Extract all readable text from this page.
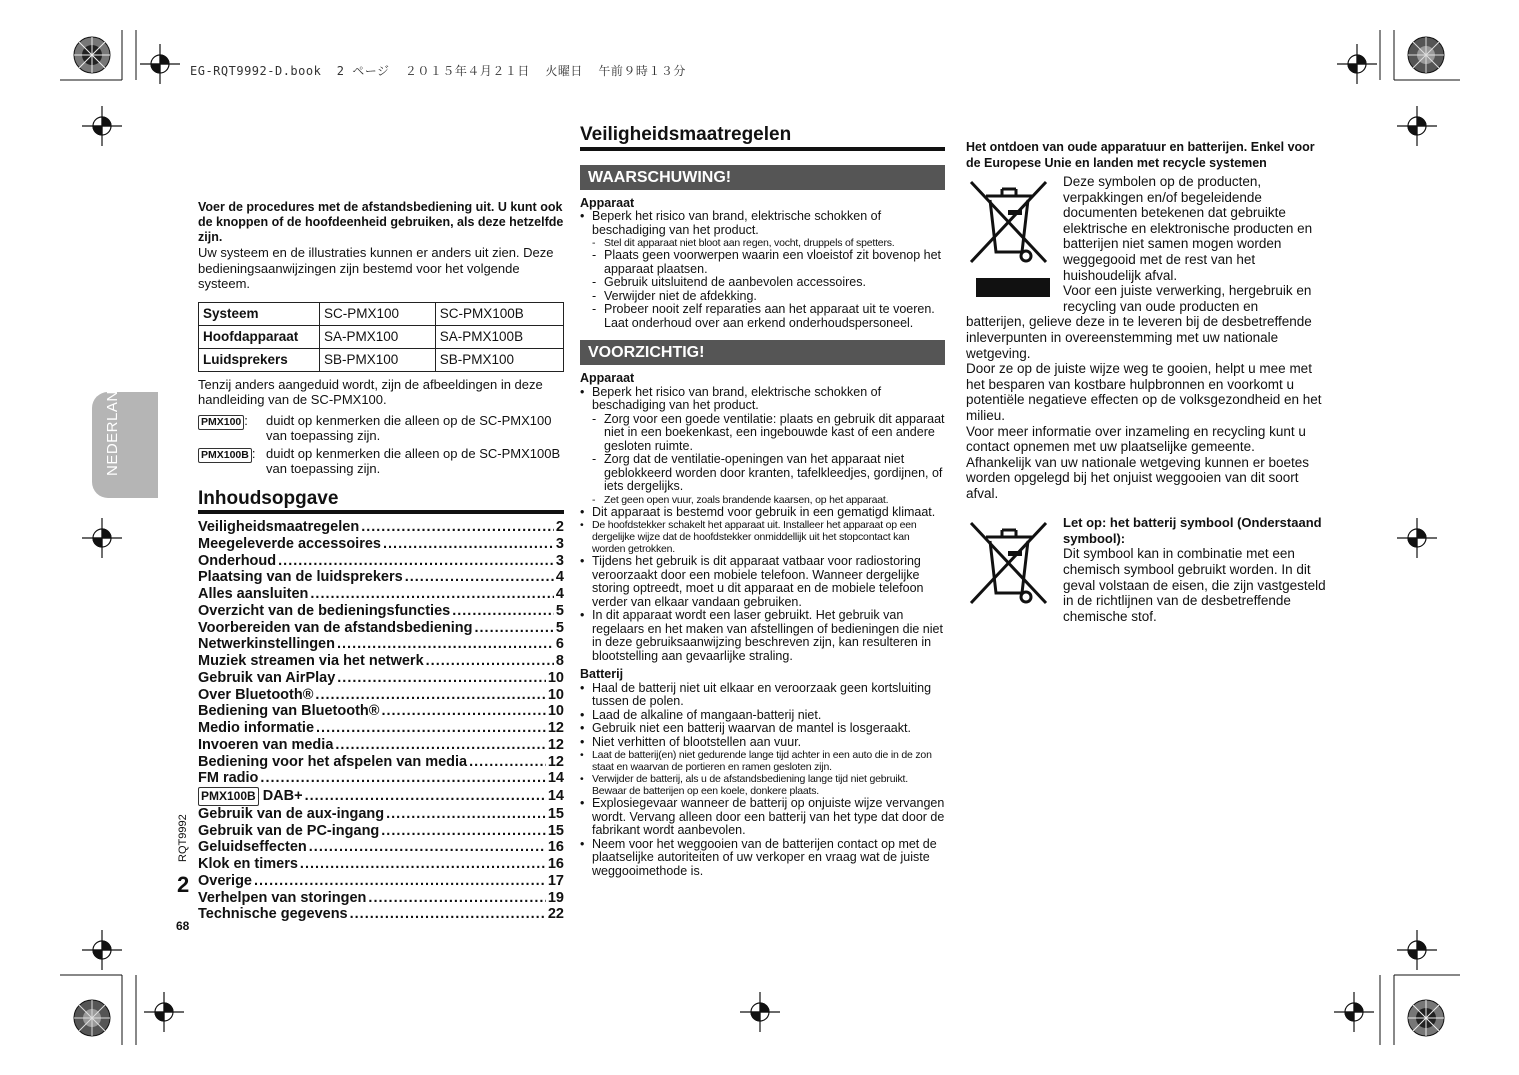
EG-RQT9992-D.book  2 ページ  ２０１５年４月２１日  火曜日  午前９時１３分
NEDERLANDS
RQT9992
2
68
Voer de procedures met de afstandsbediening uit. U kunt ook de knoppen of de hoofdeenheid gebruiken, als deze hetzelfde zijn.
Uw systeem en de illustraties kunnen er anders uit zien. Deze bedieningsaanwijzingen zijn bestemd voor het volgende systeem.
Systeem	SC-PMX100	SC-PMX100B
Hoofdapparaat	SA-PMX100	SA-PMX100B
Luidsprekers	SB-PMX100	SB-PMX100
Tenzij anders aangeduid wordt, zijn de afbeeldingen in deze handleiding van de SC-PMX100.
PMX100 :	duidt op kenmerken die alleen op de SC-PMX100 van toepassing zijn.
PMX100B : duidt op kenmerken die alleen op de SC-PMX100B van toepassing zijn.
Inhoudsopgave
Veiligheidsmaatregelen .....	2
Meegeleverde accessoires .....	3
Onderhoud .....	3
Plaatsing van de luidsprekers .....	4
Alles aansluiten .....	4
Overzicht van de bedieningsfuncties .....	5
Voorbereiden van de afstandsbediening .....	5
Netwerkinstellingen .....	6
Muziek streamen via het netwerk .....	8
Gebruik van AirPlay .....	10
Over Bluetooth® .....	10
Bediening van Bluetooth® .....	10
Medio informatie .....	12
Invoeren van media .....	12
Bediening voor het afspelen van media .....	12
FM radio .....	14
PMX100B DAB+ .....	14
Gebruik van de aux-ingang .....	15
Gebruik van de PC-ingang .....	15
Geluidseffecten .....	16
Klok en timers .....	16
Overige .....	17
Verhelpen van storingen .....	19
Technische gegevens .....	22
Veiligheidsmaatregelen
WAARSCHUWING!
Apparaat
• Beperk het risico van brand, elektrische schokken of beschadiging van het product.
- Stel dit apparaat niet bloot aan regen, vocht, druppels of spetters.
- Plaats geen voorwerpen waarin een vloeistof zit bovenop het apparaat plaatsen.
- Gebruik uitsluitend de aanbevolen accessoires.
- Verwijder niet de afdekking.
- Probeer nooit zelf reparaties aan het apparaat uit te voeren. Laat onderhoud over aan erkend onderhoudspersoneel.
VOORZICHTIG!
Apparaat
• Beperk het risico van brand, elektrische schokken of beschadiging van het product.
- Zorg voor een goede ventilatie: plaats en gebruik dit apparaat niet in een boekenkast, een ingebouwde kast of een andere gesloten ruimte.
- Zorg dat de ventilatie-openingen van het apparaat niet geblokkeerd worden door kranten, tafelkleedjes, gordijnen, of iets dergelijks.
- Zet geen open vuur, zoals brandende kaarsen, op het apparaat.
• Dit apparaat is bestemd voor gebruik in een gematigd klimaat.
• De hoofdstekker schakelt het apparaat uit. Installeer het apparaat op een dergelijke wijze dat de hoofdstekker onmiddellijk uit het stopcontact kan worden getrokken.
• Tijdens het gebruik is dit apparaat vatbaar voor radiostoring veroorzaakt door een mobiele telefoon. Wanneer dergelijke storing optreedt, moet u dit apparaat en de mobiele telefoon verder van elkaar vandaan gebruiken.
• In dit apparaat wordt een laser gebruikt. Het gebruik van regelaars en het maken van afstellingen of bedieningen die niet in deze gebruiksaanwijzing beschreven zijn, kan resulteren in blootstelling aan gevaarlijke straling.
Batterij
• Haal de batterij niet uit elkaar en veroorzaak geen kortsluiting tussen de polen.
• Laad de alkaline of mangaan-batterij niet.
• Gebruik niet een batterij waarvan de mantel is losgeraakt.
• Niet verhitten of blootstellen aan vuur.
• Laat de batterij(en) niet gedurende lange tijd achter in een auto die in de zon staat en waarvan de portieren en ramen gesloten zijn.
• Verwijder de batterij, als u de afstandsbediening lange tijd niet gebruikt. Bewaar de batterijen op een koele, donkere plaats.
• Explosiegevaar wanneer de batterij op onjuiste wijze vervangen wordt. Vervang alleen door een batterij van het type dat door de fabrikant wordt aanbevolen.
• Neem voor het weggooien van de batterijen contact op met de plaatselijke autoriteiten of uw verkoper en vraag wat de juiste weggooimethode is.
Het ontdoen van oude apparatuur en batterijen. Enkel voor de Europese Unie en landen met recycle systemen
Deze symbolen op de producten, verpakkingen en/of begeleidende documenten betekenen dat gebruikte elektrische en elektronische producten en batterijen niet samen mogen worden weggegooid met de rest van het huishoudelijk afval.
Voor een juiste verwerking, hergebruik en recycling van oude producten en
batterijen, gelieve deze in te leveren bij de desbetreffende inleverpunten in overeenstemming met uw nationale wetgeving.
Door ze op de juiste wijze weg te gooien, helpt u mee met het besparen van kostbare hulpbronnen en voorkomt u potentiële negatieve effecten op de volksgezondheid en het milieu.
Voor meer informatie over inzameling en recycling kunt u contact opnemen met uw plaatselijke gemeente.
Afhankelijk van uw nationale wetgeving kunnen er boetes worden opgelegd bij het onjuist weggooien van dit soort afval.
Let op: het batterij symbool (Onderstaand symbool):
Dit symbool kan in combinatie met een chemisch symbool gebruikt worden. In dit geval volstaan de eisen, die zijn vastgesteld in de richtlijnen van de desbetreffende chemische stof.
